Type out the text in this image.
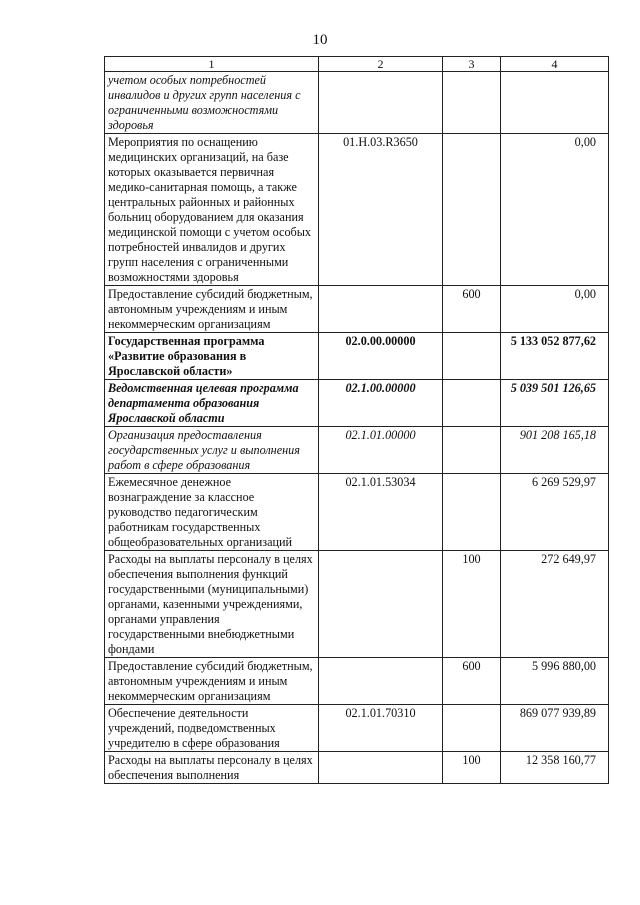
10
1	2	3	4
учетом особых потребностей инвалидов и других групп населения с ограниченными возможностями здоровья			
Мероприятия по оснащению медицинских организаций, на базе которых оказывается первичная медико-санитарная помощь, а также центральных районных и районных больниц оборудованием для оказания медицинской помощи с учетом особых потребностей инвалидов и других групп населения с ограниченными возможностями здоровья	01.Н.03.R3650		0,00
Предоставление субсидий бюджетным, автономным учреждениям и иным некоммерческим организациям		600	0,00
Государственная программа «Развитие образования в Ярославской области»	02.0.00.00000		5 133 052 877,62
Ведомственная целевая программа департамента образования Ярославской области	02.1.00.00000		5 039 501 126,65
Организация предоставления государственных услуг и выполнения работ в сфере образования	02.1.01.00000		901 208 165,18
Ежемесячное денежное вознаграждение за классное руководство педагогическим работникам государственных общеобразовательных организаций	02.1.01.53034		6 269 529,97
Расходы на выплаты персоналу в целях обеспечения выполнения функций государственными (муниципальными) органами, казенными учреждениями, органами управления государственными внебюджетными фондами		100	272 649,97
Предоставление субсидий бюджетным, автономным учреждениям и иным некоммерческим организациям		600	5 996 880,00
Обеспечение деятельности учреждений, подведомственных учредителю в сфере образования	02.1.01.70310		869 077 939,89
Расходы на выплаты персоналу в целях обеспечения выполнения		100	12 358 160,77
